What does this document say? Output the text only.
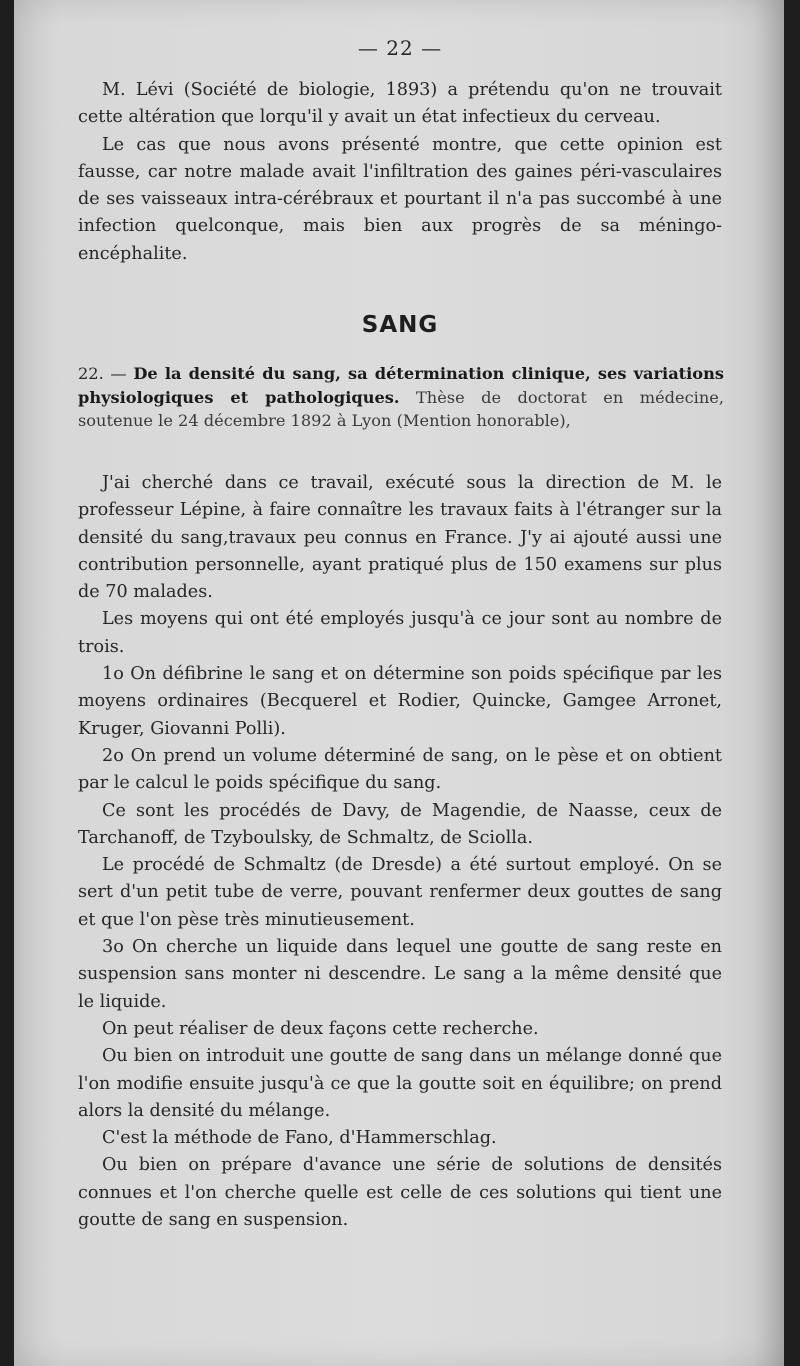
— 22 —

M. Lévi (Société de biologie, 1893) a prétendu qu'on ne trouvait cette altération que lorqu'il y avait un état infectieux du cerveau.

Le cas que nous avons présenté montre, que cette opinion est fausse, car notre malade avait l'infiltration des gaines péri-vasculaires de ses vaisseaux intra-cérébraux et pourtant il n'a pas succombé à une infection quelconque, mais bien aux progrès de sa méningo-encéphalite.

SANG

22. — De la densité du sang, sa détermination clinique, ses variations physiologiques et pathologiques. Thèse de doctorat en médecine, soutenue le 24 décembre 1892 à Lyon (Mention honorable),

J'ai cherché dans ce travail, exécuté sous la direction de M. le professeur Lépine, à faire connaître les travaux faits à l'étranger sur la densité du sang,travaux peu connus en France. J'y ai ajouté aussi une contribution personnelle, ayant pratiqué plus de 150 examens sur plus de 70 malades.

Les moyens qui ont été employés jusqu'à ce jour sont au nombre de trois.

1o On défibrine le sang et on détermine son poids spécifique par les moyens ordinaires (Becquerel et Rodier, Quincke, Gamgee Arronet, Kruger, Giovanni Polli).

2o On prend un volume déterminé de sang, on le pèse et on obtient par le calcul le poids spécifique du sang.

Ce sont les procédés de Davy, de Magendie, de Naasse, ceux de Tarchanoff, de Tzyboulsky, de Schmaltz, de Sciolla.

Le procédé de Schmaltz (de Dresde) a été surtout employé. On se sert d'un petit tube de verre, pouvant renfermer deux gouttes de sang et que l'on pèse très minutieusement.

3o On cherche un liquide dans lequel une goutte de sang reste en suspension sans monter ni descendre. Le sang a la même densité que le liquide.

On peut réaliser de deux façons cette recherche.

Ou bien on introduit une goutte de sang dans un mélange donné que l'on modifie ensuite jusqu'à ce que la goutte soit en équilibre; on prend alors la densité du mélange.

C'est la méthode de Fano, d'Hammerschlag.

Ou bien on prépare d'avance une série de solutions de densités connues et l'on cherche quelle est celle de ces solutions qui tient une goutte de sang en suspension.
